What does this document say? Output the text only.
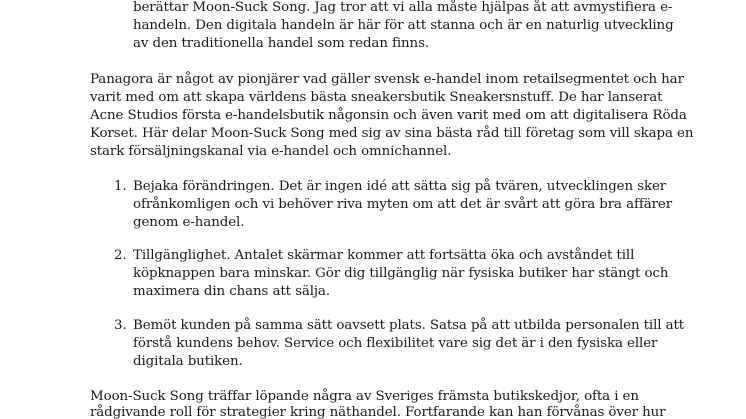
berättar Moon-Suck Song. Jag tror att vi alla måste hjälpas åt att avmystifiera e-
handeln. Den digitala handeln är här för att stanna och är en naturlig utveckling
av den traditionella handel som redan finns.
Panagora är något av pionjärer vad gäller svensk e-handel inom retailsegmentet och har
varit med om att skapa världens bästa sneakersbutik Sneakersnstuff. De har lanserat
Acne Studios första e-handelsbutik någonsin och även varit med om att digitalisera Röda
Korset. Här delar Moon-Suck Song med sig av sina bästa råd till företag som vill skapa en
stark försäljningskanal via e-handel och omnichannel.
1. Bejaka förändringen. Det är ingen idé att sätta sig på tvären, utvecklingen sker
ofrånkomligen och vi behöver riva myten om att det är svårt att göra bra affärer
genom e-handel.
2. Tillgänglighet. Antalet skärmar kommer att fortsätta öka och avståndet till
köpknappen bara minskar. Gör dig tillgänglig när fysiska butiker har stängt och
maximera din chans att sälja.
3. Bemöt kunden på samma sätt oavsett plats. Satsa på att utbilda personalen till att
förstå kundens behov. Service och flexibilitet vare sig det är i den fysiska eller
digitala butiken.
Moon-Suck Song träffar löpande några av Sveriges främsta butikskedjor, ofta i en
rådgivande roll för strategier kring näthandel. Fortfarande kan han förvånas över hur
